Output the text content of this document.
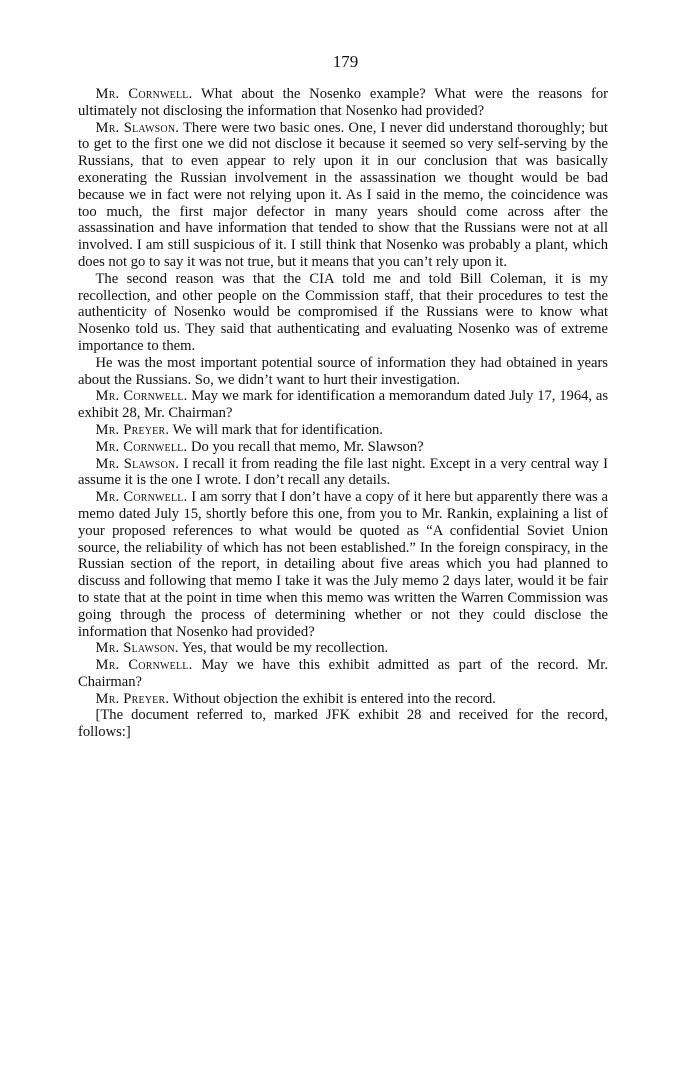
179

Mr. Cornwell. What about the Nosenko example? What were the reasons for ultimately not disclosing the information that Nosenko had provided?

Mr. Slawson. There were two basic ones. One, I never did understand thoroughly; but to get to the first one we did not disclose it because it seemed so very self-serving by the Russians, that to even appear to rely upon it in our conclusion that was basically exonerating the Russian involvement in the assassination we thought would be bad because we in fact were not relying upon it. As I said in the memo, the coincidence was too much, the first major defector in many years should come across after the assassination and have information that tended to show that the Russians were not at all involved. I am still suspicious of it. I still think that Nosenko was probably a plant, which does not go to say it was not true, but it means that you can’t rely upon it.

The second reason was that the CIA told me and told Bill Coleman, it is my recollection, and other people on the Commission staff, that their procedures to test the authenticity of Nosenko would be compromised if the Russians were to know what Nosenko told us. They said that authenticating and evaluating Nosenko was of extreme importance to them.

He was the most important potential source of information they had obtained in years about the Russians. So, we didn’t want to hurt their investigation.

Mr. Cornwell. May we mark for identification a memorandum dated July 17, 1964, as exhibit 28, Mr. Chairman?

Mr. Preyer. We will mark that for identification.

Mr. Cornwell. Do you recall that memo, Mr. Slawson?

Mr. Slawson. I recall it from reading the file last night. Except in a very central way I assume it is the one I wrote. I don’t recall any details.

Mr. Cornwell. I am sorry that I don’t have a copy of it here but apparently there was a memo dated July 15, shortly before this one, from you to Mr. Rankin, explaining a list of your proposed references to what would be quoted as “A confidential Soviet Union source, the reliability of which has not been established.” In the foreign conspiracy, in the Russian section of the report, in detailing about five areas which you had planned to discuss and following that memo I take it was the July memo 2 days later, would it be fair to state that at the point in time when this memo was written the Warren Commission was going through the process of determining whether or not they could disclose the information that Nosenko had provided?

Mr. Slawson. Yes, that would be my recollection.

Mr. Cornwell. May we have this exhibit admitted as part of the record. Mr. Chairman?

Mr. Preyer. Without objection the exhibit is entered into the record.

[The document referred to, marked JFK exhibit 28 and received for the record, follows:]
